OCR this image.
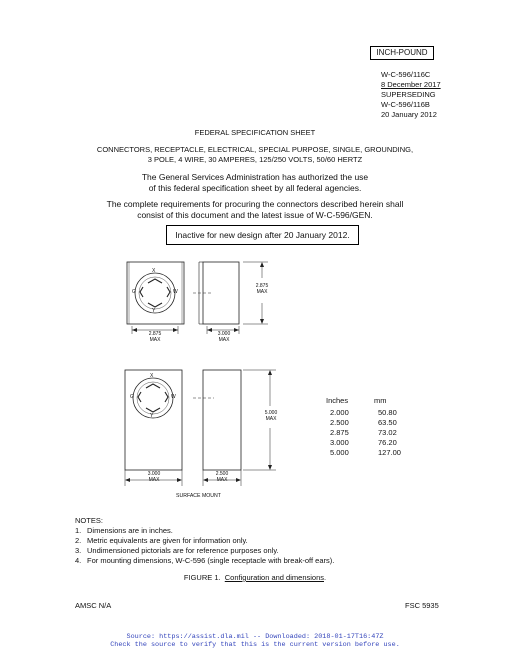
INCH-POUND
W-C-596/116C
8 December 2017
SUPERSEDING
W-C-596/116B
20 January 2012
FEDERAL SPECIFICATION SHEET
CONNECTORS, RECEPTACLE, ELECTRICAL, SPECIAL PURPOSE, SINGLE, GROUNDING,
3 POLE, 4 WIRE, 30 AMPERES, 125/250 VOLTS, 50/60 HERTZ
The General Services Administration has authorized the use
of this federal specification sheet by all federal agencies.
The complete requirements for procuring the connectors described herein shall
consist of this document and the latest issue of W-C-596/GEN.
Inactive for new design after 20 January 2012.
X
G	W
Y
X
G	W
Y
2.875
MAX
2.875
MAX
3.000
MAX
5.000
MAX
3.000
MAX
2.500
MAX
SURFACE MOUNT
Inches	mm
2.000	50.80
2.500	63.50
2.875	73.02
3.000	76.20
5.000	127.00
NOTES:
1. Dimensions are in inches.
2. Metric equivalents are given for information only.
3. Undimensioned pictorials are for reference purposes only.
4. For mounting dimensions, W-C-596 (single receptacle with break-off ears).
FIGURE 1. Configuration and dimensions.
AMSC N/A	FSC 5935
Source: https://assist.dla.mil -- Downloaded: 2018-01-17T16:47Z
Check the source to verify that this is the current version before use.
